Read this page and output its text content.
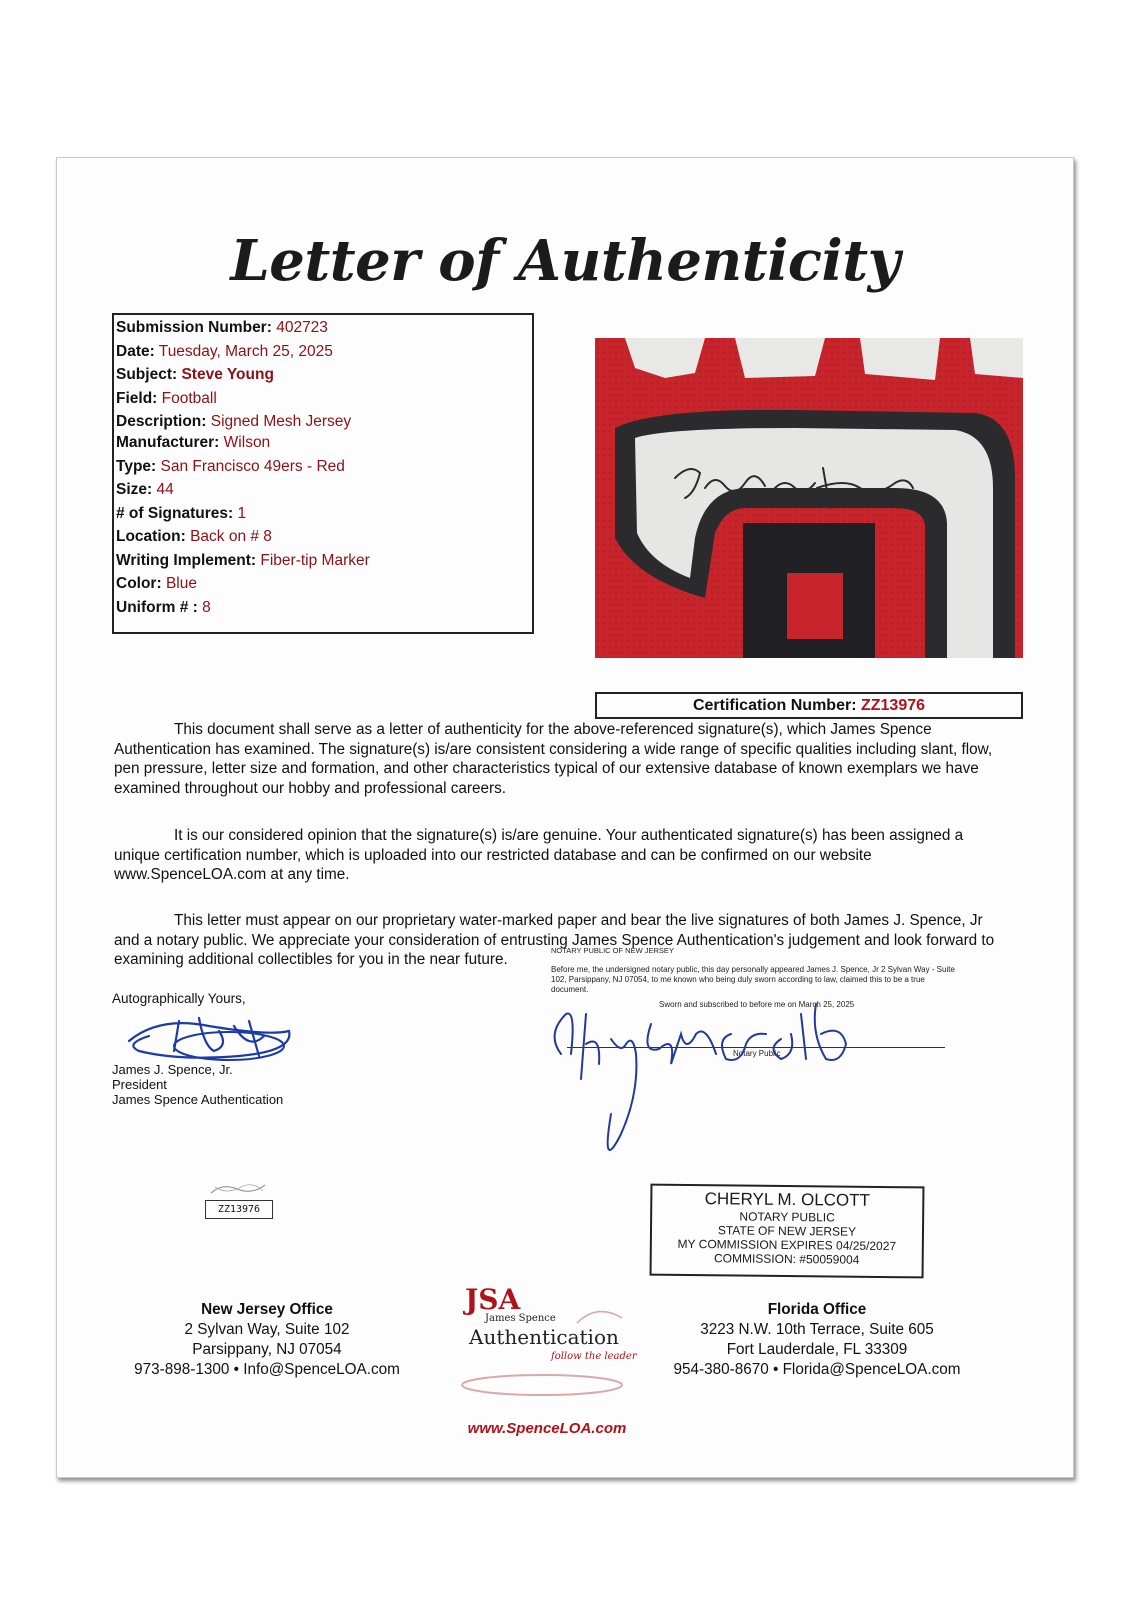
Letter of Authenticity
Submission Number: 402723
Date: Tuesday, March 25, 2025
Subject: Steve Young
Field: Football
Description: Signed Mesh Jersey
Manufacturer: Wilson
Type: San Francisco 49ers - Red
Size: 44
# of Signatures: 1
Location: Back on # 8
Writing Implement: Fiber-tip Marker
Color: Blue
Uniform # : 8
Certification Number: ZZ13976
This document shall serve as a letter of authenticity for the above-referenced signature(s), which James Spence Authentication has examined. The signature(s) is/are consistent considering a wide range of specific qualities including slant, flow, pen pressure, letter size and formation, and other characteristics typical of our extensive database of known exemplars we have examined throughout our hobby and professional careers.
It is our considered opinion that the signature(s) is/are genuine. Your authenticated signature(s) has been assigned a unique certification number, which is uploaded into our restricted database and can be confirmed on our website www.SpenceLOA.com at any time.
This letter must appear on our proprietary water-marked paper and bear the live signatures of both James J. Spence, Jr and a notary public. We appreciate your consideration of entrusting James Spence Authentication's judgement and look forward to examining additional collectibles for you in the near future.
Autographically Yours,
James J. Spence, Jr.
President
James Spence Authentication
ZZ13976
NOTARY PUBLIC OF NEW JERSEY
Before me, the undersigned notary public, this day personally appeared James J. Spence, Jr 2 Sylvan Way - Suite
102, Parsippany, NJ 07054, to me known who being duly sworn according to law, claimed this to be a true
document.
Sworn and subscribed to before me on March 25, 2025
Notary Public
CHERYL M. OLCOTT
NOTARY PUBLIC
STATE OF NEW JERSEY
MY COMMISSION EXPIRES 04/25/2027
COMMISSION: #50059004
New Jersey Office
2 Sylvan Way, Suite 102
Parsippany, NJ 07054
973-898-1300 • Info@SpenceLOA.com
JSA
James Spence
Authentication
follow the leader
www.SpenceLOA.com
Florida Office
3223 N.W. 10th Terrace, Suite 605
Fort Lauderdale, FL 33309
954-380-8670 • Florida@SpenceLOA.com
